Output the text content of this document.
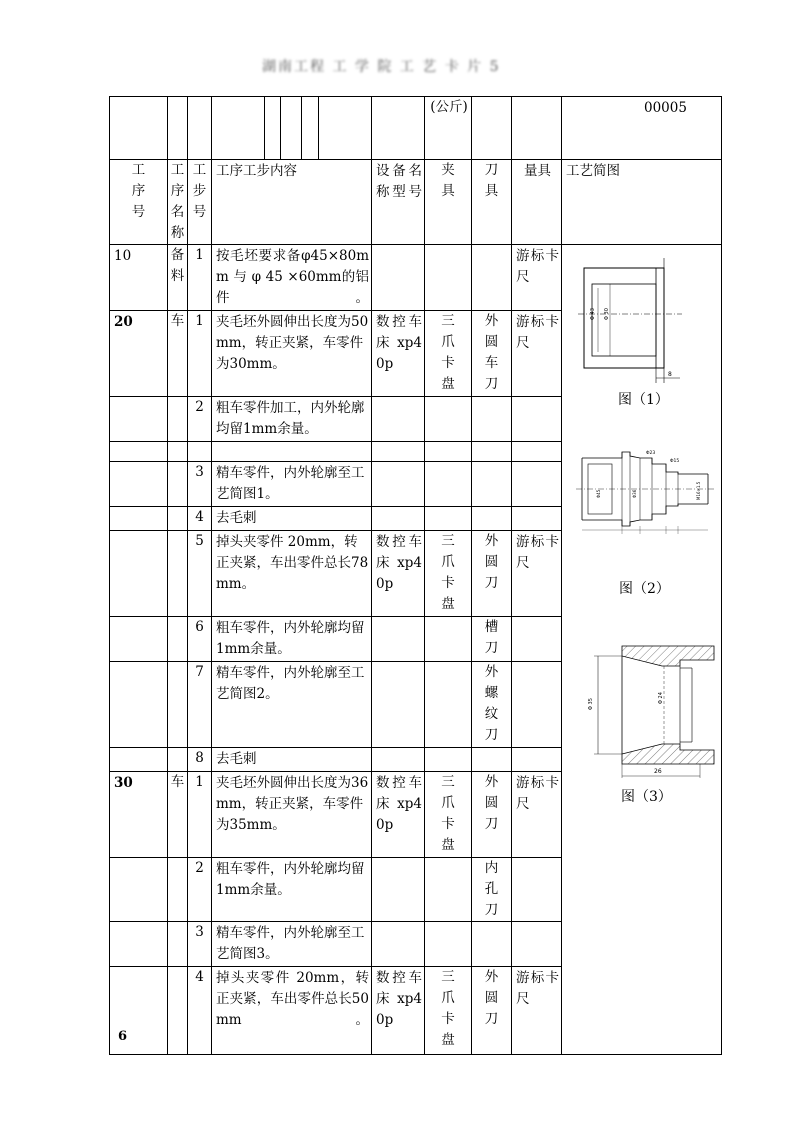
湖南工程 工 学 院 工 艺 卡 片 5

		(公斤)			00005
工序号	工序名称	工步号	工序工步内容	设备名称型号	夹具	刀具	量具	工艺简图
10	备料	1	按毛坯要求备φ45×80mm 与 φ 45 ×60mm的铝件。				游标卡尺	
20	车	1	夹毛坯外圆伸出长度为50mm，转正夹紧，车零件为30mm。	数控车床xp40p	三爪卡盘	外圆车刀	游标卡尺	
		2	粗车零件加工，内外轮廓均留1mm余量。					

		3	精车零件，内外轮廓至工艺简图1。					
		4	去毛刺					
		5	掉头夹零件 20mm，转正夹紧，车出零件总长78mm。	数控车床xp40p	三爪卡盘	外圆刀	游标卡尺	
		6	粗车零件，内外轮廓均留1mm余量。			槽刀		
		7	精车零件，内外轮廓至工艺简图2。			外螺纹刀		
		8	去毛刺					
30	车	1	夹毛坯外圆伸出长度为36mm，转正夹紧，车零件为35mm。	数控车床xp40p	三爪卡盘	外圆刀	游标卡尺	
		2	粗车零件，内外轮廓均留1mm余量。			内孔刀		
		3	精车零件，内外轮廓至工艺简图3。					
		4	掉头夹零件 20mm，转正夹紧，车出零件总长50mm。	数控车床xp40p	三爪卡盘	外圆刀	游标卡尺	
Φ 43 Φ 30
8
图（1）
Φ23
Φ15
M16×1.5
Φ45	Φ36
图（2）
Φ 35
Φ 24
26
图（3）
6
